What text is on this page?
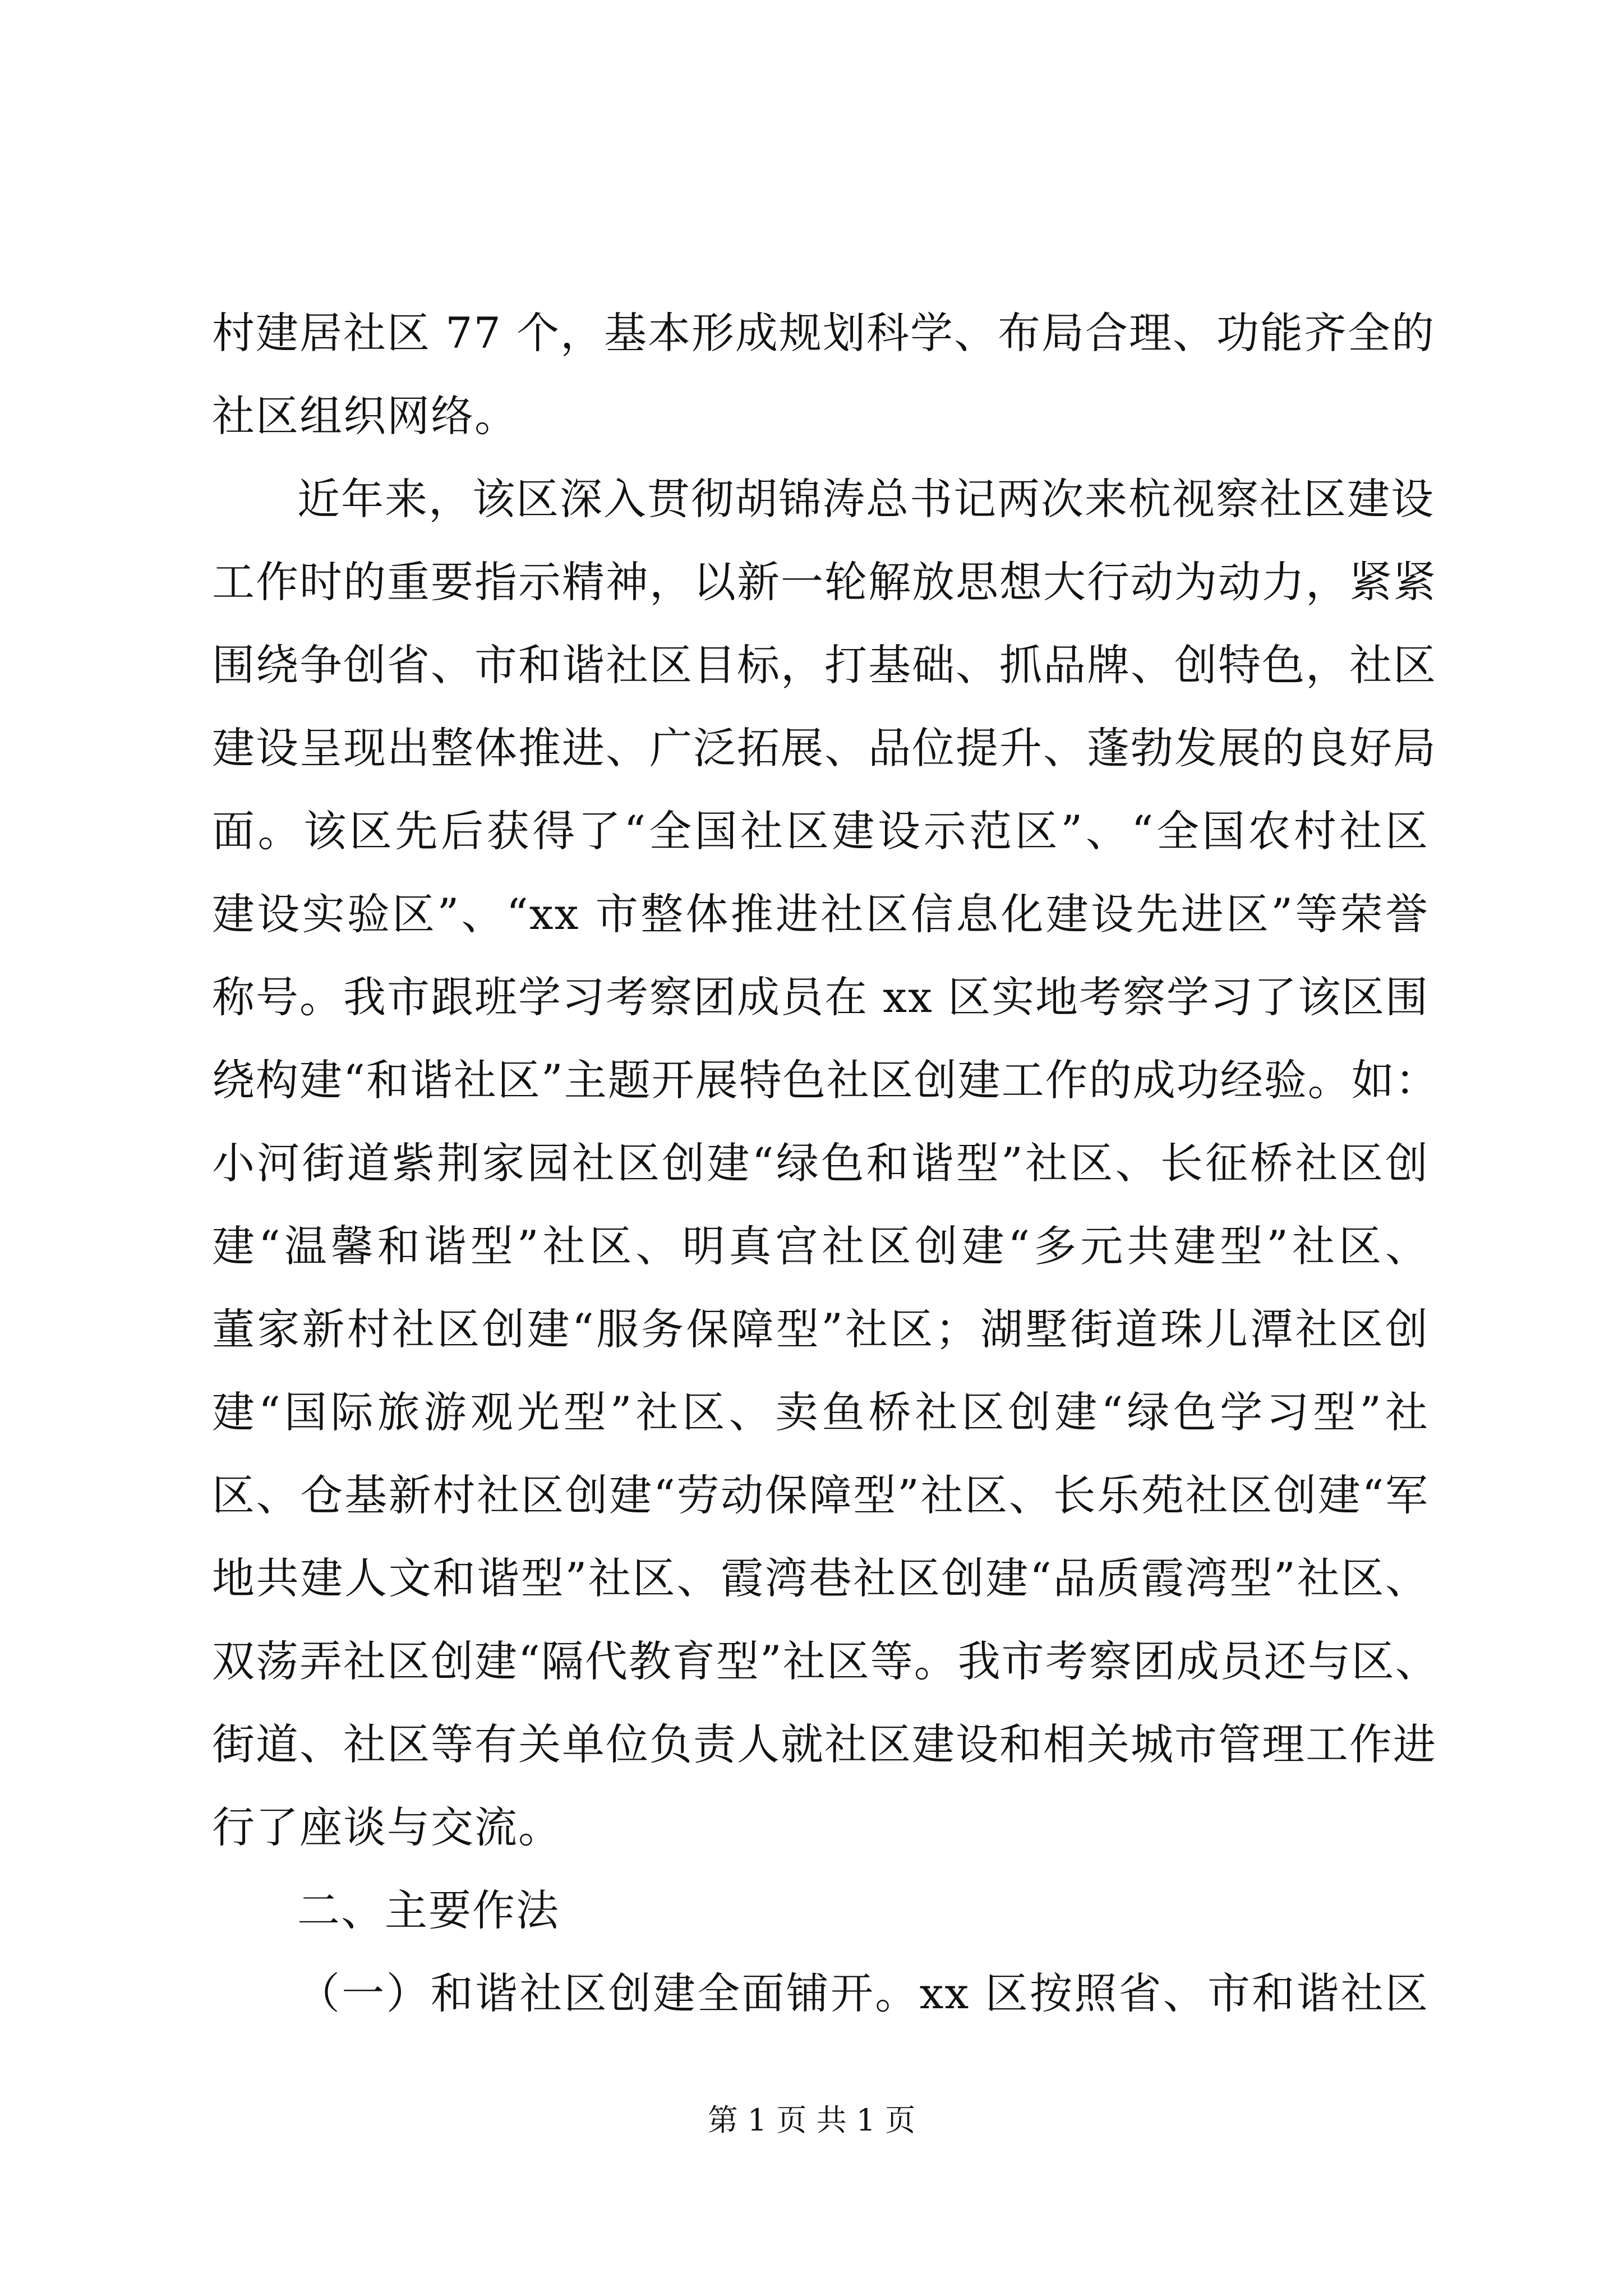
村建居社区 77 个，基本形成规划科学、布局合理、功能齐全的
社区组织网络。
近年来，该区深入贯彻胡锦涛总书记两次来杭视察社区建设
工作时的重要指示精神，以新一轮解放思想大行动为动力，紧紧
围绕争创省、市和谐社区目标，打基础、抓品牌、创特色，社区
建设呈现出整体推进、广泛拓展、品位提升、蓬勃发展的良好局
面。该区先后获得了“全国社区建设示范区”、“全国农村社区
建设实验区”、“xx 市整体推进社区信息化建设先进区”等荣誉
称号。我市跟班学习考察团成员在 xx 区实地考察学习了该区围
绕构建“和谐社区”主题开展特色社区创建工作的成功经验。如：
小河街道紫荆家园社区创建“绿色和谐型”社区、长征桥社区创
建“温馨和谐型”社区、明真宫社区创建“多元共建型”社区、
董家新村社区创建“服务保障型”社区；湖墅街道珠儿潭社区创
建“国际旅游观光型”社区、卖鱼桥社区创建“绿色学习型”社
区、仓基新村社区创建“劳动保障型”社区、长乐苑社区创建“军
地共建人文和谐型”社区、霞湾巷社区创建“品质霞湾型”社区、
双荡弄社区创建“隔代教育型”社区等。我市考察团成员还与区、
街道、社区等有关单位负责人就社区建设和相关城市管理工作进
行了座谈与交流。
二、主要作法
（一）和谐社区创建全面铺开。xx 区按照省、市和谐社区
第 1 页 共 1 页
